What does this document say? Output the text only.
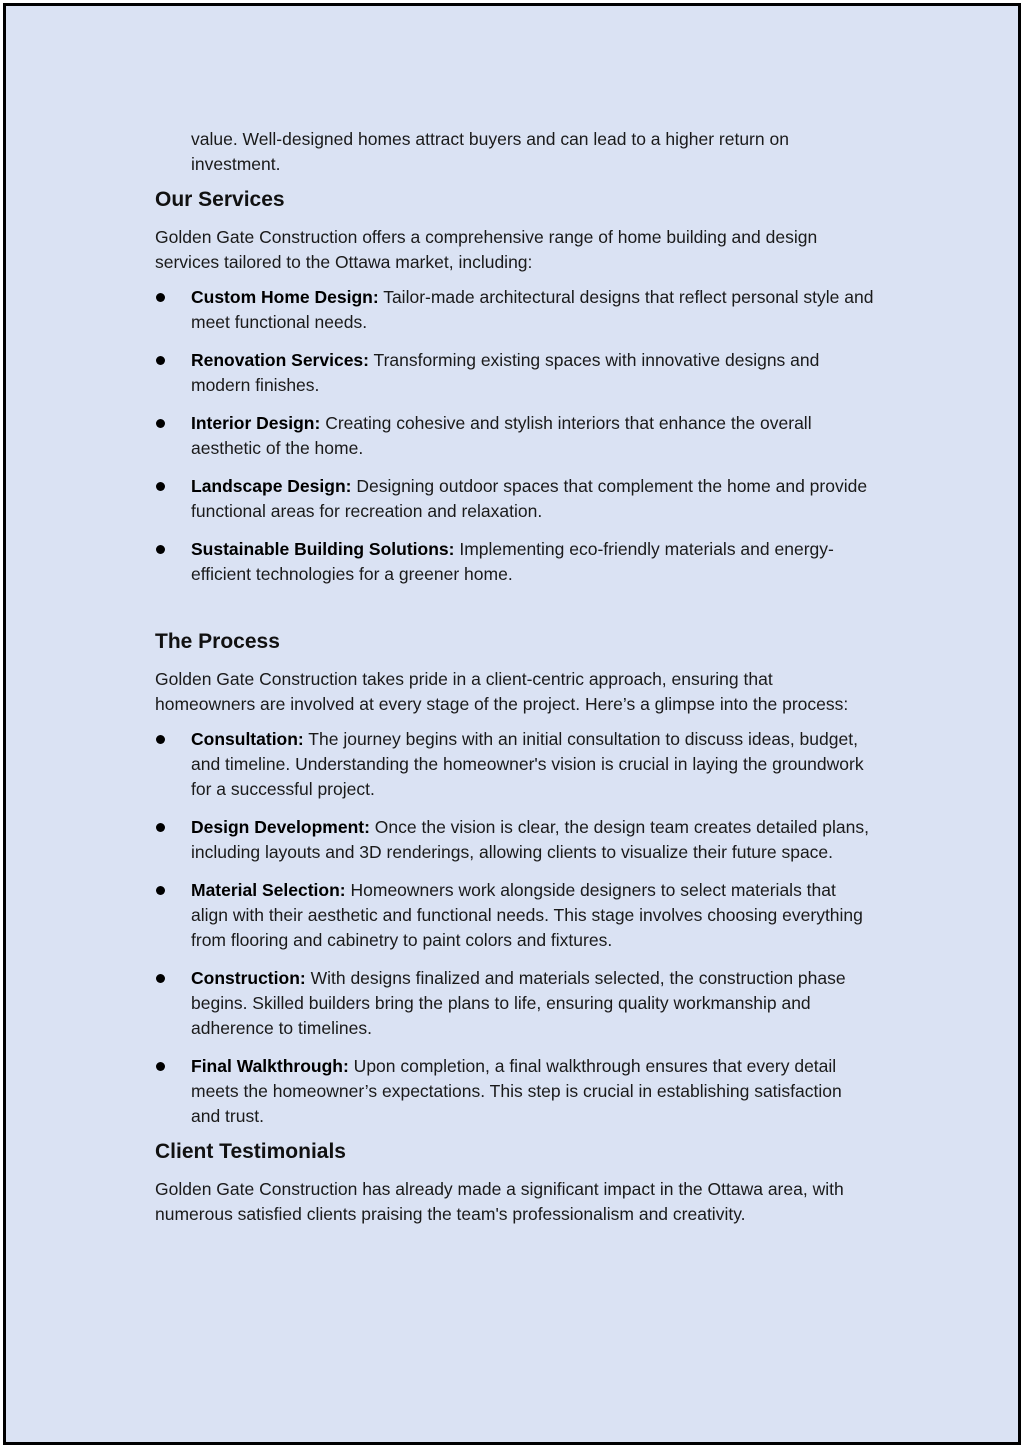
value. Well-designed homes attract buyers and can lead to a higher return on investment.

Our Services

Golden Gate Construction offers a comprehensive range of home building and design services tailored to the Ottawa market, including:

Custom Home Design: Tailor-made architectural designs that reflect personal style and meet functional needs.
Renovation Services: Transforming existing spaces with innovative designs and modern finishes.
Interior Design: Creating cohesive and stylish interiors that enhance the overall aesthetic of the home.
Landscape Design: Designing outdoor spaces that complement the home and provide functional areas for recreation and relaxation.
Sustainable Building Solutions: Implementing eco-friendly materials and energy-efficient technologies for a greener home.
The Process

Golden Gate Construction takes pride in a client-centric approach, ensuring that homeowners are involved at every stage of the project. Here’s a glimpse into the process:

Consultation: The journey begins with an initial consultation to discuss ideas, budget, and timeline. Understanding the homeowner's vision is crucial in laying the groundwork for a successful project.
Design Development: Once the vision is clear, the design team creates detailed plans, including layouts and 3D renderings, allowing clients to visualize their future space.
Material Selection: Homeowners work alongside designers to select materials that align with their aesthetic and functional needs. This stage involves choosing everything from flooring and cabinetry to paint colors and fixtures.
Construction: With designs finalized and materials selected, the construction phase begins. Skilled builders bring the plans to life, ensuring quality workmanship and adherence to timelines.
Final Walkthrough: Upon completion, a final walkthrough ensures that every detail meets the homeowner’s expectations. This step is crucial in establishing satisfaction and trust.
Client Testimonials

Golden Gate Construction has already made a significant impact in the Ottawa area, with numerous satisfied clients praising the team's professionalism and creativity.
